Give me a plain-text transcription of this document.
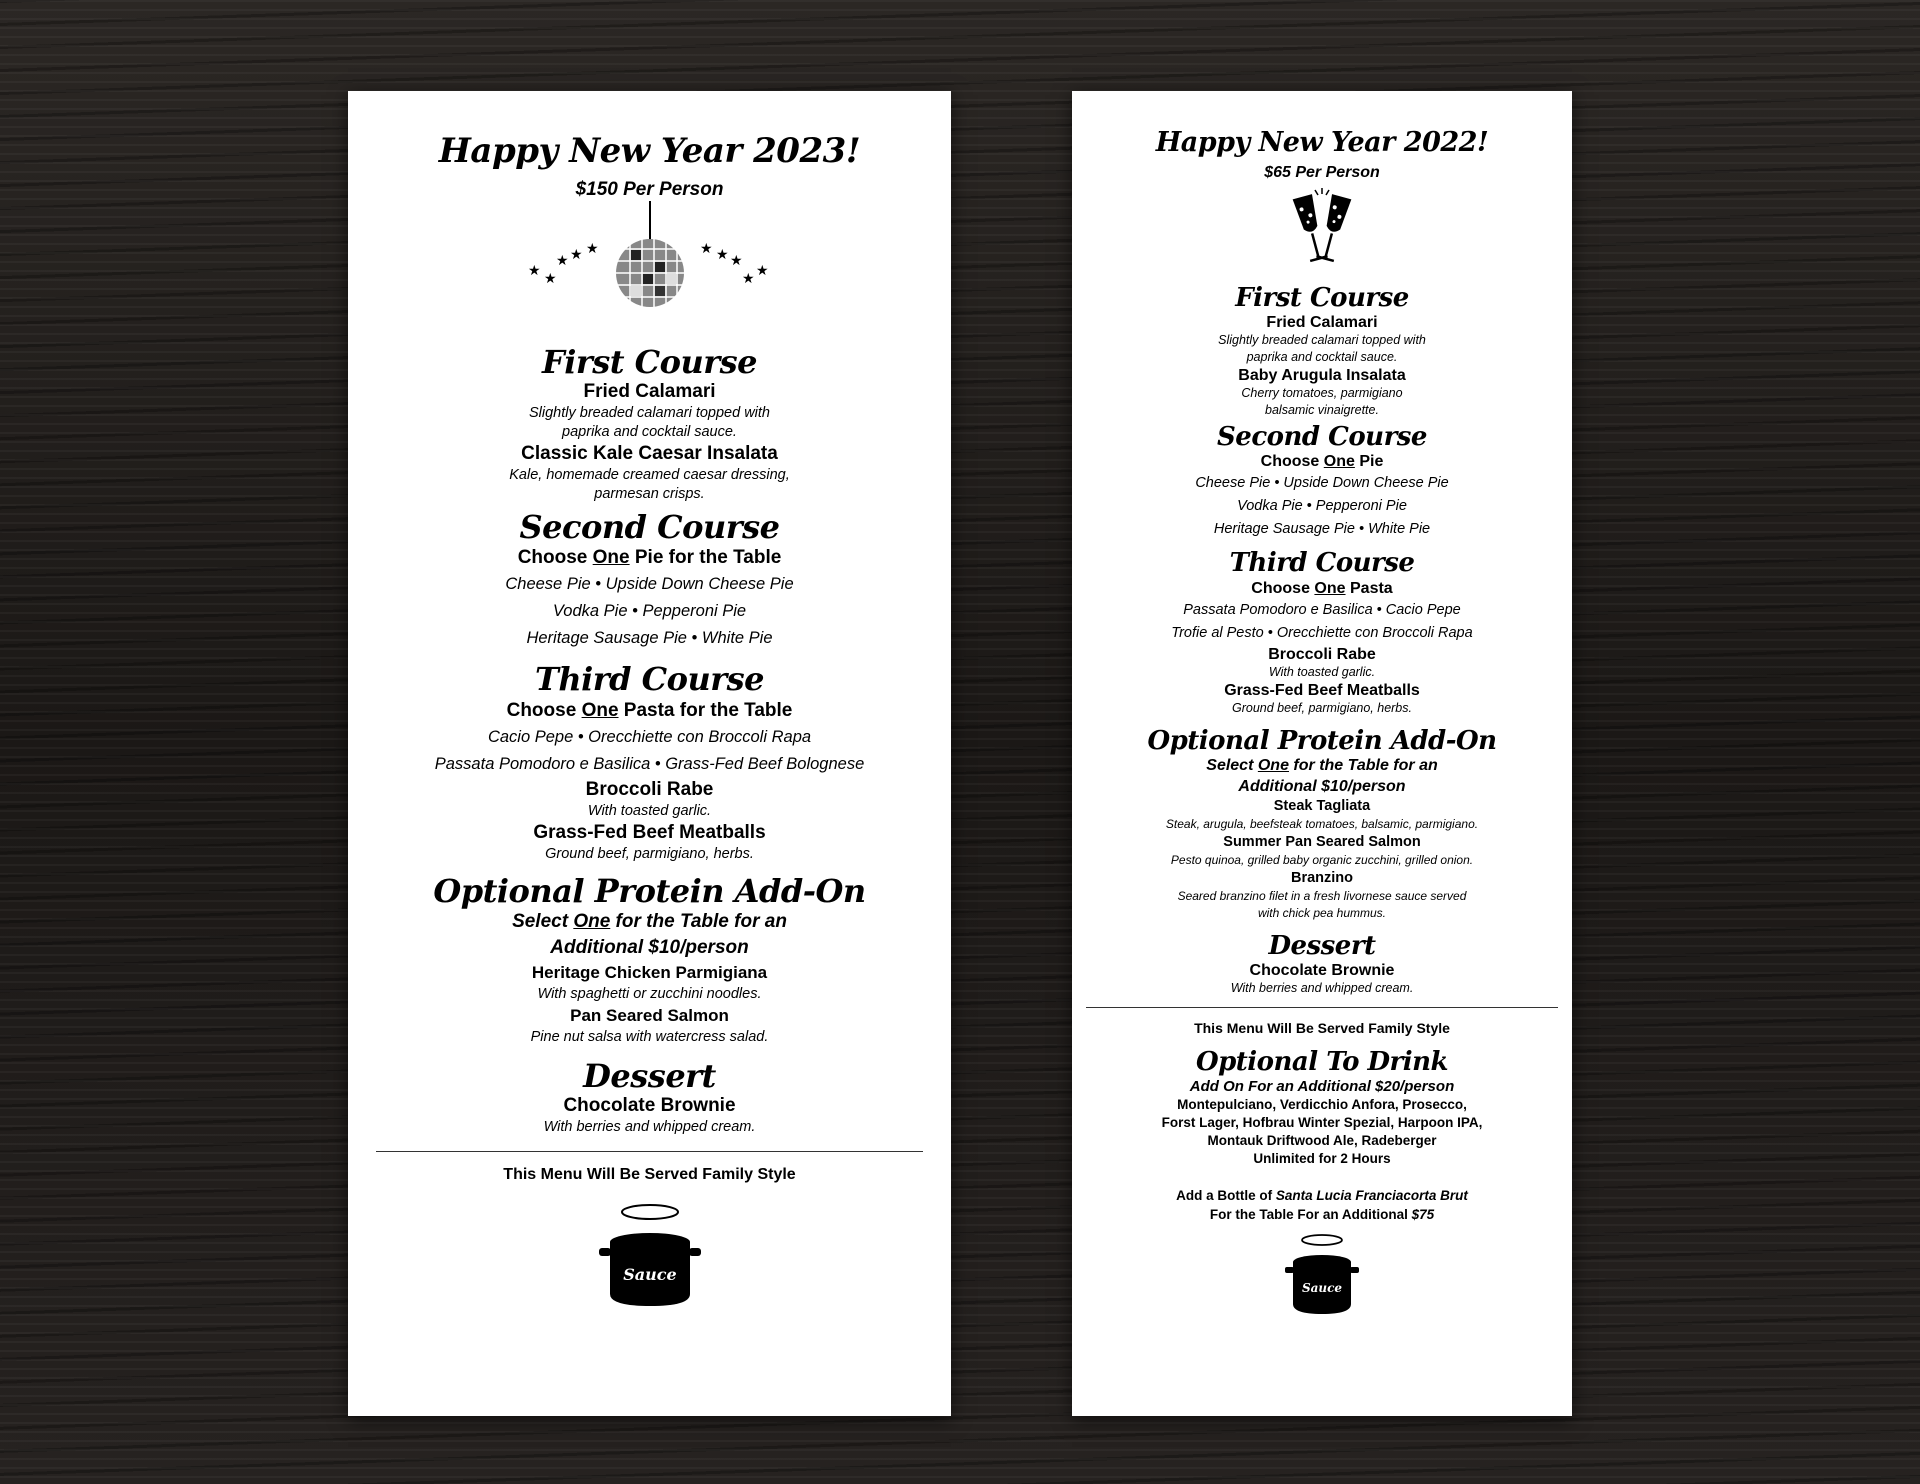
Happy New Year 2023!
$150 Per Person
★ ★
★ ★ ★	★ ★ ★
★ ★
First Course
Fried Calamari
Slightly breaded calamari topped with
paprika and cocktail sauce.
Classic Kale Caesar Insalata
Kale, homemade creamed caesar dressing,
parmesan crisps.
Second Course
Choose One Pie for the Table
Cheese Pie • Upside Down Cheese Pie
Vodka Pie • Pepperoni Pie
Heritage Sausage Pie • White Pie
Third Course
Choose One Pasta for the Table
Cacio Pepe • Orecchiette con Broccoli Rapa
Passata Pomodoro e Basilica • Grass-Fed Beef Bolognese
Broccoli Rabe
With toasted garlic.
Grass-Fed Beef Meatballs
Ground beef, parmigiano, herbs.
Optional Protein Add-On
Select One for the Table for an
Additional $10/person
Heritage Chicken Parmigiana
With spaghetti or zucchini noodles.
Pan Seared Salmon
Pine nut salsa with watercress salad.
Dessert
Chocolate Brownie
With berries and whipped cream.
This Menu Will Be Served Family Style
Sauce
Happy New Year 2022!
$65 Per Person
First Course
Fried Calamari
Slightly breaded calamari topped with
paprika and cocktail sauce.
Baby Arugula Insalata
Cherry tomatoes, parmigiano
balsamic vinaigrette.
Second Course
Choose One Pie
Cheese Pie • Upside Down Cheese Pie
Vodka Pie • Pepperoni Pie
Heritage Sausage Pie • White Pie
Third Course
Choose One Pasta
Passata Pomodoro e Basilica • Cacio Pepe
Trofie al Pesto • Orecchiette con Broccoli Rapa
Broccoli Rabe
With toasted garlic.
Grass-Fed Beef Meatballs
Ground beef, parmigiano, herbs.
Optional Protein Add-On
Select One for the Table for an
Additional $10/person
Steak Tagliata
Steak, arugula, beefsteak tomatoes, balsamic, parmigiano.
Summer Pan Seared Salmon
Pesto quinoa, grilled baby organic zucchini, grilled onion.
Branzino
Seared branzino filet in a fresh livornese sauce served
with chick pea hummus.
Dessert
Chocolate Brownie
With berries and whipped cream.
This Menu Will Be Served Family Style
Optional To Drink
Add On For an Additional $20/person
Montepulciano, Verdicchio Anfora, Prosecco,
Forst Lager, Hofbrau Winter Spezial, Harpoon IPA,
Montauk Driftwood Ale, Radeberger
Unlimited for 2 Hours
Add a Bottle of Santa Lucia Franciacorta Brut
For the Table For an Additional $75
Sauce
